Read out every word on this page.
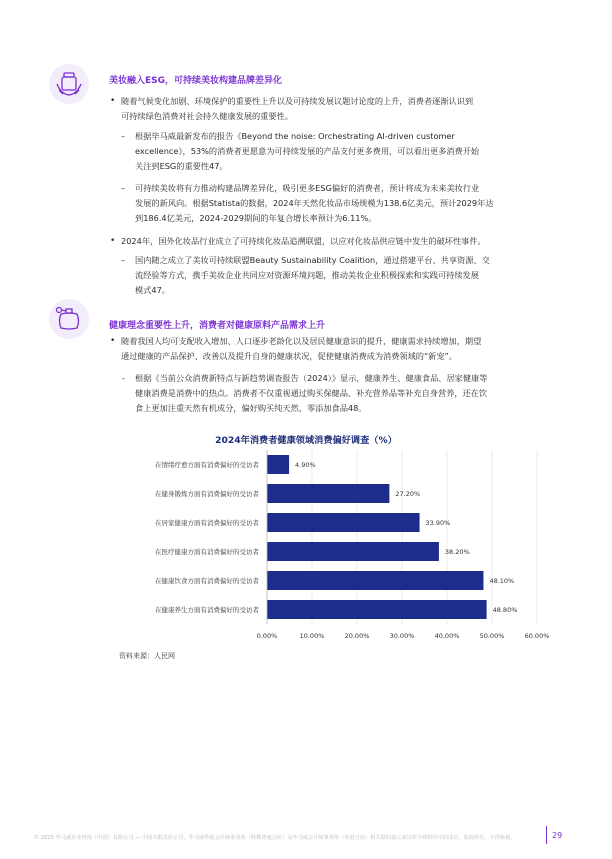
美妆融入ESG，可持续美妆构建品牌差异化
• 随着气候变化加剧、环境保护的重要性上升以及可持续发展议题讨论度的上升，消费者逐渐认识到
可持续绿色消费对社会持久健康发展的重要性。
– 根据毕马威最新发布的报告《Beyond the noise: Orchestrating AI-driven customer
excellence》，53%的消费者更愿意为可持续发展的产品支付更多费用，可以看出更多消费开始
关注到ESG的重要性47。
– 可持续美妆将有力推动构建品牌差异化，吸引更多ESG偏好的消费者，预计将成为未来美妆行业
发展的新风向。根据Statista的数据，2024年天然化妆品市场规模为138.6亿美元，预计2029年达
到186.4亿美元，2024-2029期间的年复合增长率预计为6.11%。
• 2024年，国外化妆品行业成立了可持续化妆品追溯联盟，以应对化妆品供应链中发生的破坏性事件。
– 国内随之成立了美妆可持续联盟Beauty Sustainability Coalition，通过搭建平台、共享资源、交
流经验等方式，携手美妆企业共同应对资源环境问题，推动美妆企业积极探索和实践可持续发展
模式47。
健康理念重要性上升，消费者对健康原料产品需求上升
• 随着我国人均可支配收入增加、人口逐步老龄化以及居民健康意识的提升，健康需求持续增加，期望
通过健康的产品保护、改善以及提升自身的健康状况，促使健康消费成为消费领域的“新宠”。
- 根据《当前公众消费新特点与新趋势调查报告（2024）》显示，健康养生、健康食品、居家健康等
健康消费是消费中的热点。消费者不仅重视通过购买保健品、补充营养品等补充自身营养，还在饮
食上更加注重天然有机成分，偏好购买纯天然、零添加食品48。
2024年消费者健康领域消费偏好调查（%）
0.00%	10.00%	20.00%	30.00%	40.00%	50.00%	60.00%
在情绪疗愈方面有消费偏好的受访者	4.90%
在健身锻炼方面有消费偏好的受访者	27.20%
在居家健康方面有消费偏好的受访者	33.90%
在医疗健康方面有消费偏好的受访者	38.20%
在健康饮食方面有消费偏好的受访者	48.10%
在健康养生方面有消费偏好的受访者	48.80%
资料来源：人民网
© 2025 毕马威企业咨询（中国）有限公司 — 中国有限责任公司，毕马威华振会计师事务所（特殊普通合伙）及毕马威会计师事务所（香港合伙）相关联的独立成员所全球组织中的成员，版权所有，不得转载。	29
